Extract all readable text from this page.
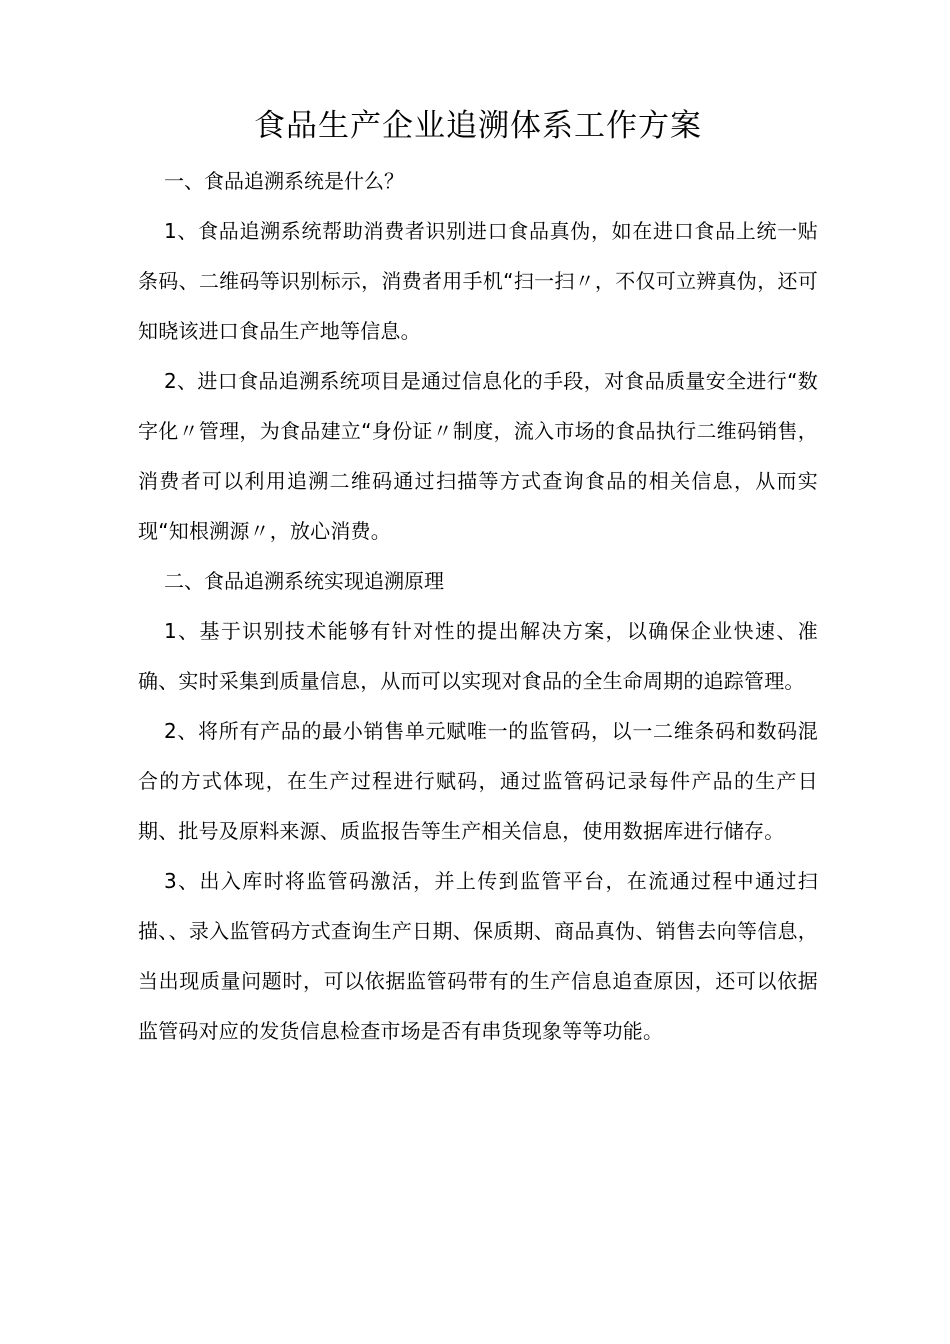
食品生产企业追溯体系工作方案

一、食品追溯系统是什么？

1、食品追溯系统帮助消费者识别进口食品真伪，如在进口食品上统一贴条码、二维码等识别标示，消费者用手机“扫一扫〃，不仅可立辨真伪，还可知晓该进口食品生产地等信息。

2、进口食品追溯系统项目是通过信息化的手段，对食品质量安全进行“数字化〃管理，为食品建立“身份证〃制度，流入市场的食品执行二维码销售，消费者可以利用追溯二维码通过扫描等方式查询食品的相关信息，从而实现“知根溯源〃，放心消费。

二、食品追溯系统实现追溯原理

1、基于识别技术能够有针对性的提出解决方案，以确保企业快速、准确、实时采集到质量信息，从而可以实现对食品的全生命周期的追踪管理。

2、将所有产品的最小销售单元赋唯一的监管码，以一二维条码和数码混合的方式体现，在生产过程进行赋码，通过监管码记录每件产品的生产日期、批号及原料来源、质监报告等生产相关信息，使用数据库进行储存。

3、出入库时将监管码激活，并上传到监管平台，在流通过程中通过扫描、、录入监管码方式查询生产日期、保质期、商品真伪、销售去向等信息，当出现质量问题时，可以依据监管码带有的生产信息追查原因，还可以依据监管码对应的发货信息检查市场是否有串货现象等等功能。
